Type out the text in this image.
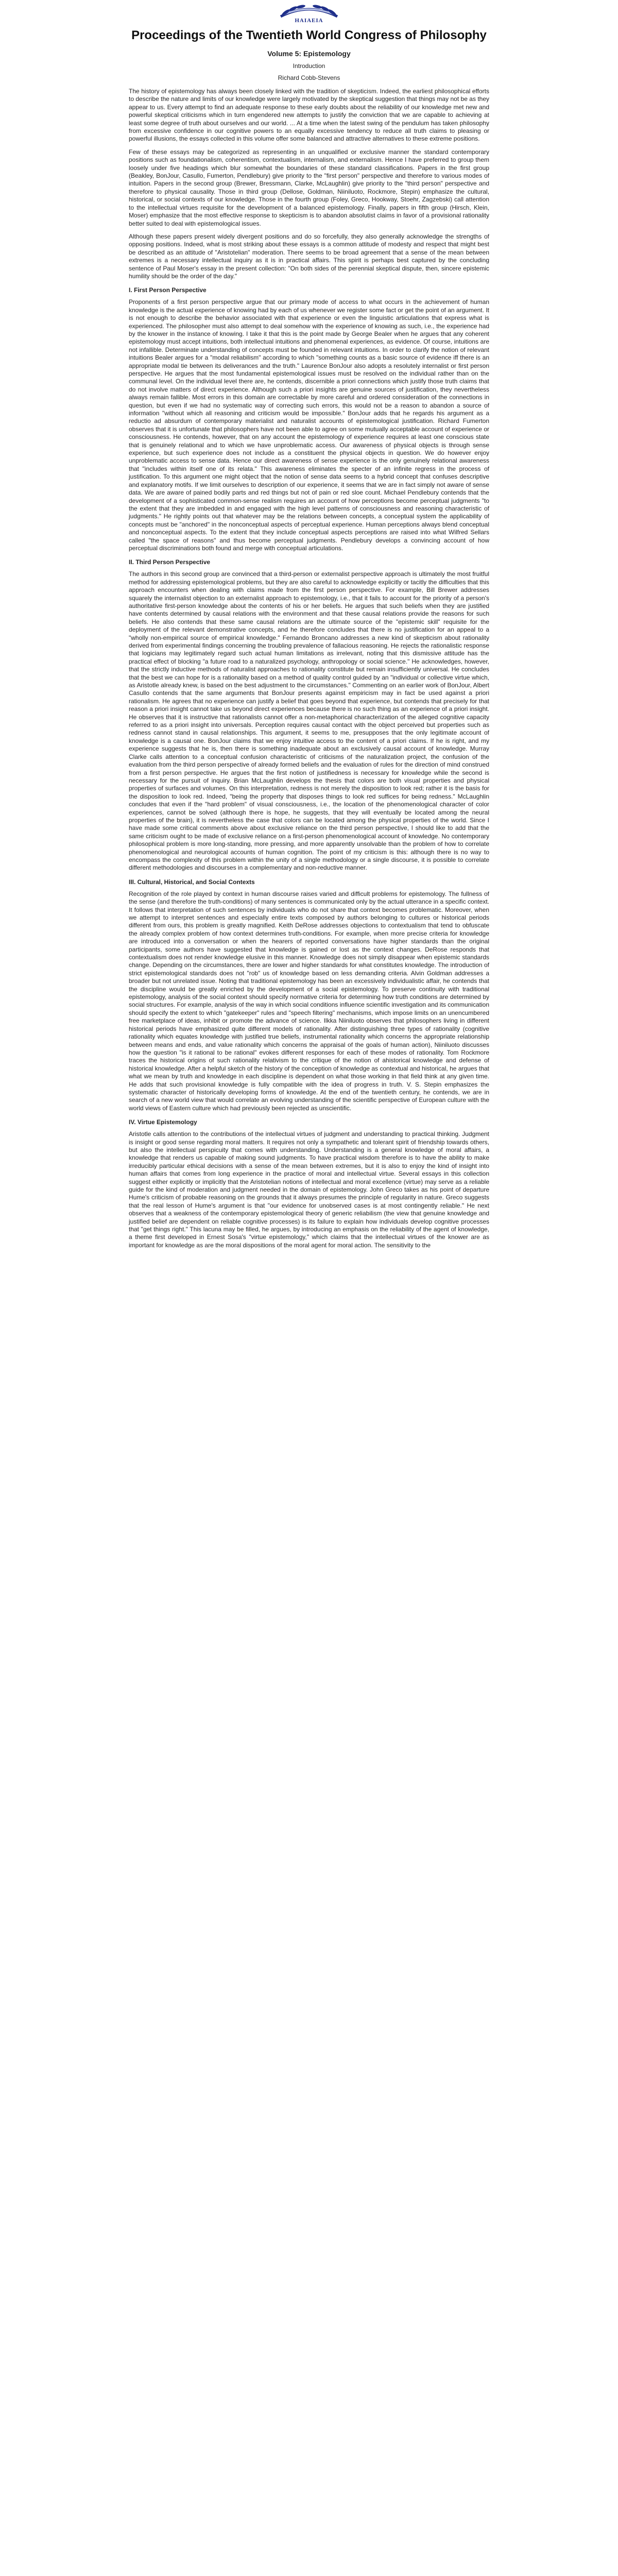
HAIAEIA
Proceedings of the Twentieth World Congress of Philosophy
Volume 5: Epistemology
Introduction
Richard Cobb-Stevens

The history of epistemology has always been closely linked with the tradition of skepticism. Indeed, the earliest philosophical efforts to describe the nature and limits of our knowledge were largely motivated by the skeptical suggestion that things may not be as they appear to us. Every attempt to find an adequate response to these early doubts about the reliability of our knowledge met new and powerful skeptical criticisms which in turn engendered new attempts to justify the conviction that we are capable to achieving at least some degree of truth about ourselves and our world. ... At a time when the latest swing of the pendulum has taken philosophy from excessive confidence in our cognitive powers to an equally excessive tendency to reduce all truth claims to pleasing or powerful illusions, the essays collected in this volume offer some balanced and attractive alternatives to these extreme positions.

Few of these essays may be categorized as representing in an unqualified or exclusive manner the standard contemporary positions such as foundationalism, coherentism, contextualism, internalism, and externalism. Hence I have preferred to group them loosely under five headings which blur somewhat the boundaries of these standard classifications. Papers in the first group (Beakley, BonJour, Casullo, Fumerton, Pendlebury) give priority to the "first person" perspective and therefore to various modes of intuition. Papers in the second group (Brewer, Bressmann, Clarke, McLaughlin) give priority to the "third person" perspective and therefore to physical causality. Those in third group (Dellose, Goldman, Niiniluoto, Rockmore, Stepin) emphasize the cultural, historical, or social contexts of our knowledge. Those in the fourth group (Foley, Greco, Hookway, Stoehr, Zagzebski) call attention to the intellectual virtues requisite for the development of a balanced epistemology. Finally, papers in fifth group (Hirsch, Klein, Moser) emphasize that the most effective response to skepticism is to abandon absolutist claims in favor of a provisional rationality better suited to deal with epistemological issues.

Although these papers present widely divergent positions and do so forcefully, they also generally acknowledge the strengths of opposing positions. Indeed, what is most striking about these essays is a common attitude of modesty and respect that might best be described as an attitude of "Aristotelian" moderation. There seems to be broad agreement that a sense of the mean between extremes is a necessary intellectual inquiry as it is in practical affairs. This spirit is perhaps best captured by the concluding sentence of Paul Moser's essay in the present collection: "On both sides of the perennial skeptical dispute, then, sincere epistemic humility should be the order of the day."

I. First Person Perspective

Proponents of a first person perspective argue that our primary mode of access to what occurs in the achievement of human knowledge is the actual experience of knowing had by each of us whenever we register some fact or get the point of an argument. It is not enough to describe the behavior associated with that experience or even the linguistic articulations that express what is experienced. The philosopher must also attempt to deal somehow with the experience of knowing as such, i.e., the experience had by the knower in the instance of knowing. I take it that this is the point made by George Bealer when he argues that any coherent epistemology must accept intuitions, both intellectual intuitions and phenomenal experiences, as evidence. Of course, intuitions are not infallible. Determinate understanding of concepts must be founded in relevant intuitions. In order to clarify the notion of relevant intuitions Bealer argues for a "modal reliabilism" according to which "something counts as a basic source of evidence iff there is an appropriate modal tie between its deliverances and the truth." Laurence BonJour also adopts a resolutely internalist or first person perspective. He argues that the most fundamental epistemological issues must be resolved on the individual rather than on the communal level. On the individual level there are, he contends, discernible a priori connections which justify those truth claims that do not involve matters of direct experience. Although such a priori insights are genuine sources of justification, they nevertheless always remain fallible. Most errors in this domain are correctable by more careful and ordered consideration of the connections in question, but even if we had no systematic way of correcting such errors, this would not be a reason to abandon a source of information "without which all reasoning and criticism would be impossible." BonJour adds that he regards his argument as a reductio ad absurdum of contemporary materialist and naturalist accounts of epistemological justification. Richard Fumerton observes that it is unfortunate that philosophers have not been able to agree on some mutually acceptable account of experience or consciousness. He contends, however, that on any account the epistemology of experience requires at least one conscious state that is genuinely relational and to which we have unproblematic access. Our awareness of physical objects is through sense experience, but such experience does not include as a constituent the physical objects in question. We do however enjoy unproblematic access to sense data. Hence our direct awareness of sense experience is the only genuinely relational awareness that "includes within itself one of its relata." This awareness eliminates the specter of an infinite regress in the process of justification. To this argument one might object that the notion of sense data seems to a hybrid concept that confuses descriptive and explanatory motifs. If we limit ourselves to description of our experience, it seems that we are in fact simply not aware of sense data. We are aware of pained bodily parts and red things but not of pain or red sloe count. Michael Pendlebury contends that the development of a sophisticated common-sense realism requires an account of how perceptions become perceptual judgments "to the extent that they are imbedded in and engaged with the high level patterns of consciousness and reasoning characteristic of judgments." He rightly points out that whatever may be the relations between concepts, a conceptual system the applicability of concepts must be "anchored" in the nonconceptual aspects of perceptual experience. Human perceptions always blend conceptual and nonconceptual aspects. To the extent that they include conceptual aspects perceptions are raised into what Wilfred Sellars called "the space of reasons" and thus become perceptual judgments. Pendlebury develops a convincing account of how perceptual discriminations both found and merge with conceptual articulations.

II. Third Person Perspective

The authors in this second group are convinced that a third-person or externalist perspective approach is ultimately the most fruitful method for addressing epistemological problems, but they are also careful to acknowledge explicitly or tacitly the difficulties that this approach encounters when dealing with claims made from the first person perspective. For example, Bill Brewer addresses squarely the internalist objection to an externalist approach to epistemology, i.e., that it fails to account for the priority of a person's authoritative first-person knowledge about the contents of his or her beliefs. He argues that such beliefs when they are justified have contents determined by causal relations with the environment and that these causal relations provide the reasons for such beliefs. He also contends that these same causal relations are the ultimate source of the "epistemic skill" requisite for the deployment of the relevant demonstrative concepts, and he therefore concludes that there is no justification for an appeal to a "wholly non-empirical source of empirical knowledge." Fernando Broncano addresses a new kind of skepticism about rationality derived from experimental findings concerning the troubling prevalence of fallacious reasoning. He rejects the rationalistic response that logicians may legitimately regard such actual human limitations as irrelevant, noting that this dismissive attitude has the practical effect of blocking "a future road to a naturalized psychology, anthropology or social science." He acknowledges, however, that the strictly inductive methods of naturalist approaches to rationality constitute but remain insufficiently universal. He concludes that the best we can hope for is a rationality based on a method of quality control guided by an "individual or collective virtue which, as Aristotle already knew, is based on the best adjustment to the circumstances." Commenting on an earlier work of BonJour, Albert Casullo contends that the same arguments that BonJour presents against empiricism may in fact be used against a priori rationalism. He agrees that no experience can justify a belief that goes beyond that experience, but contends that precisely for that reason a priori insight cannot take us beyond direct experiences because there is no such thing as an experience of a priori insight. He observes that it is instructive that rationalists cannot offer a non-metaphorical characterization of the alleged cognitive capacity referred to as a priori insight into universals. Perception requires causal contact with the object perceived but properties such as redness cannot stand in causal relationships. This argument, it seems to me, presupposes that the only legitimate account of knowledge is a causal one. BonJour claims that we enjoy intuitive access to the content of a priori claims. If he is right, and my experience suggests that he is, then there is something inadequate about an exclusively causal account of knowledge. Murray Clarke calls attention to a conceptual confusion characteristic of criticisms of the naturalization project, the confusion of the evaluation from the third person perspective of already formed beliefs and the evaluation of rules for the direction of mind construed from a first person perspective. He argues that the first notion of justifiedness is necessary for knowledge while the second is necessary for the pursuit of inquiry. Brian McLaughlin develops the thesis that colors are both visual properties and physical properties of surfaces and volumes. On this interpretation, redness is not merely the disposition to look red; rather it is the basis for the disposition to look red. Indeed, "being the property that disposes things to look red suffices for being redness." McLaughlin concludes that even if the "hard problem" of visual consciousness, i.e., the location of the phenomenological character of color experiences, cannot be solved (although there is hope, he suggests, that they will eventually be located among the neural properties of the brain), it is nevertheless the case that colors can be located among the physical properties of the world. Since I have made some critical comments above about exclusive reliance on the third person perspective, I should like to add that the same criticism ought to be made of exclusive reliance on a first-person phenomenological account of knowledge. No contemporary philosophical problem is more long-standing, more pressing, and more apparently unsolvable than the problem of how to correlate phenomenological and neurological accounts of human cognition. The point of my criticism is this: although there is no way to encompass the complexity of this problem within the unity of a single methodology or a single discourse, it is possible to correlate different methodologies and discourses in a complementary and non-reductive manner.

III. Cultural, Historical, and Social Contexts

Recognition of the role played by context in human discourse raises varied and difficult problems for epistemology. The fullness of the sense (and therefore the truth-conditions) of many sentences is communicated only by the actual utterance in a specific context. It follows that interpretation of such sentences by individuals who do not share that context becomes problematic. Moreover, when we attempt to interpret sentences and especially entire texts composed by authors belonging to cultures or historical periods different from ours, this problem is greatly magnified. Keith DeRose addresses objections to contextualism that tend to obfuscate the already complex problem of how context determines truth-conditions. For example, when more precise criteria for knowledge are introduced into a conversation or when the hearers of reported conversations have higher standards than the original participants, some authors have suggested that knowledge is gained or lost as the context changes. DeRose responds that contextualism does not render knowledge elusive in this manner. Knowledge does not simply disappear when epistemic standards change. Depending on the circumstances, there are lower and higher standards for what constitutes knowledge. The introduction of strict epistemological standards does not "rob" us of knowledge based on less demanding criteria. Alvin Goldman addresses a broader but not unrelated issue. Noting that traditional epistemology has been an excessively individualistic affair, he contends that the discipline would be greatly enriched by the development of a social epistemology. To preserve continuity with traditional epistemology, analysis of the social context should specify normative criteria for determining how truth conditions are determined by social structures. For example, analysis of the way in which social conditions influence scientific investigation and its communication should specify the extent to which "gatekeeper" rules and "speech filtering" mechanisms, which impose limits on an unencumbered free marketplace of ideas, inhibit or promote the advance of science. Ilkka Niiniluoto observes that philosophers living in different historical periods have emphasized quite different models of rationality. After distinguishing three types of rationality (cognitive rationality which equates knowledge with justified true beliefs, instrumental rationality which concerns the appropriate relationship between means and ends, and value rationality which concerns the appraisal of the goals of human action), Niiniluoto discusses how the question "is it rational to be rational" evokes different responses for each of these modes of rationality. Tom Rockmore traces the historical origins of such rationality relativism to the critique of the notion of ahistorical knowledge and defense of historical knowledge. After a helpful sketch of the history of the conception of knowledge as contextual and historical, he argues that what we mean by truth and knowledge in each discipline is dependent on what those working in that field think at any given time. He adds that such provisional knowledge is fully compatible with the idea of progress in truth. V. S. Stepin emphasizes the systematic character of historically developing forms of knowledge. At the end of the twentieth century, he contends, we are in search of a new world view that would correlate an evolving understanding of the scientific perspective of European culture with the world views of Eastern culture which had previously been rejected as unscientific.

IV. Virtue Epistemology

Aristotle calls attention to the contributions of the intellectual virtues of judgment and understanding to practical thinking. Judgment is insight or good sense regarding moral matters. It requires not only a sympathetic and tolerant spirit of friendship towards others, but also the intellectual perspicuity that comes with understanding. Understanding is a general knowledge of moral affairs, a knowledge that renders us capable of making sound judgments. To have practical wisdom therefore is to have the ability to make irreducibly particular ethical decisions with a sense of the mean between extremes, but it is also to enjoy the kind of insight into human affairs that comes from long experience in the practice of moral and intellectual virtue. Several essays in this collection suggest either explicitly or implicitly that the Aristotelian notions of intellectual and moral excellence (virtue) may serve as a reliable guide for the kind of moderation and judgment needed in the domain of epistemology. John Greco takes as his point of departure Hume's criticism of probable reasoning on the grounds that it always presumes the principle of regularity in nature. Greco suggests that the real lesson of Hume's argument is that "our evidence for unobserved cases is at most contingently reliable." He next observes that a weakness of the contemporary epistemological theory of generic reliabilism (the view that genuine knowledge and justified belief are dependent on reliable cognitive processes) is its failure to explain how individuals develop cognitive processes that "get things right." This lacuna may be filled, he argues, by introducing an emphasis on the reliability of the agent of knowledge, a theme first developed in Ernest Sosa's "virtue epistemology," which claims that the intellectual virtues of the knower are as important for knowledge as are the moral dispositions of the moral agent for moral action. The sensitivity to the
